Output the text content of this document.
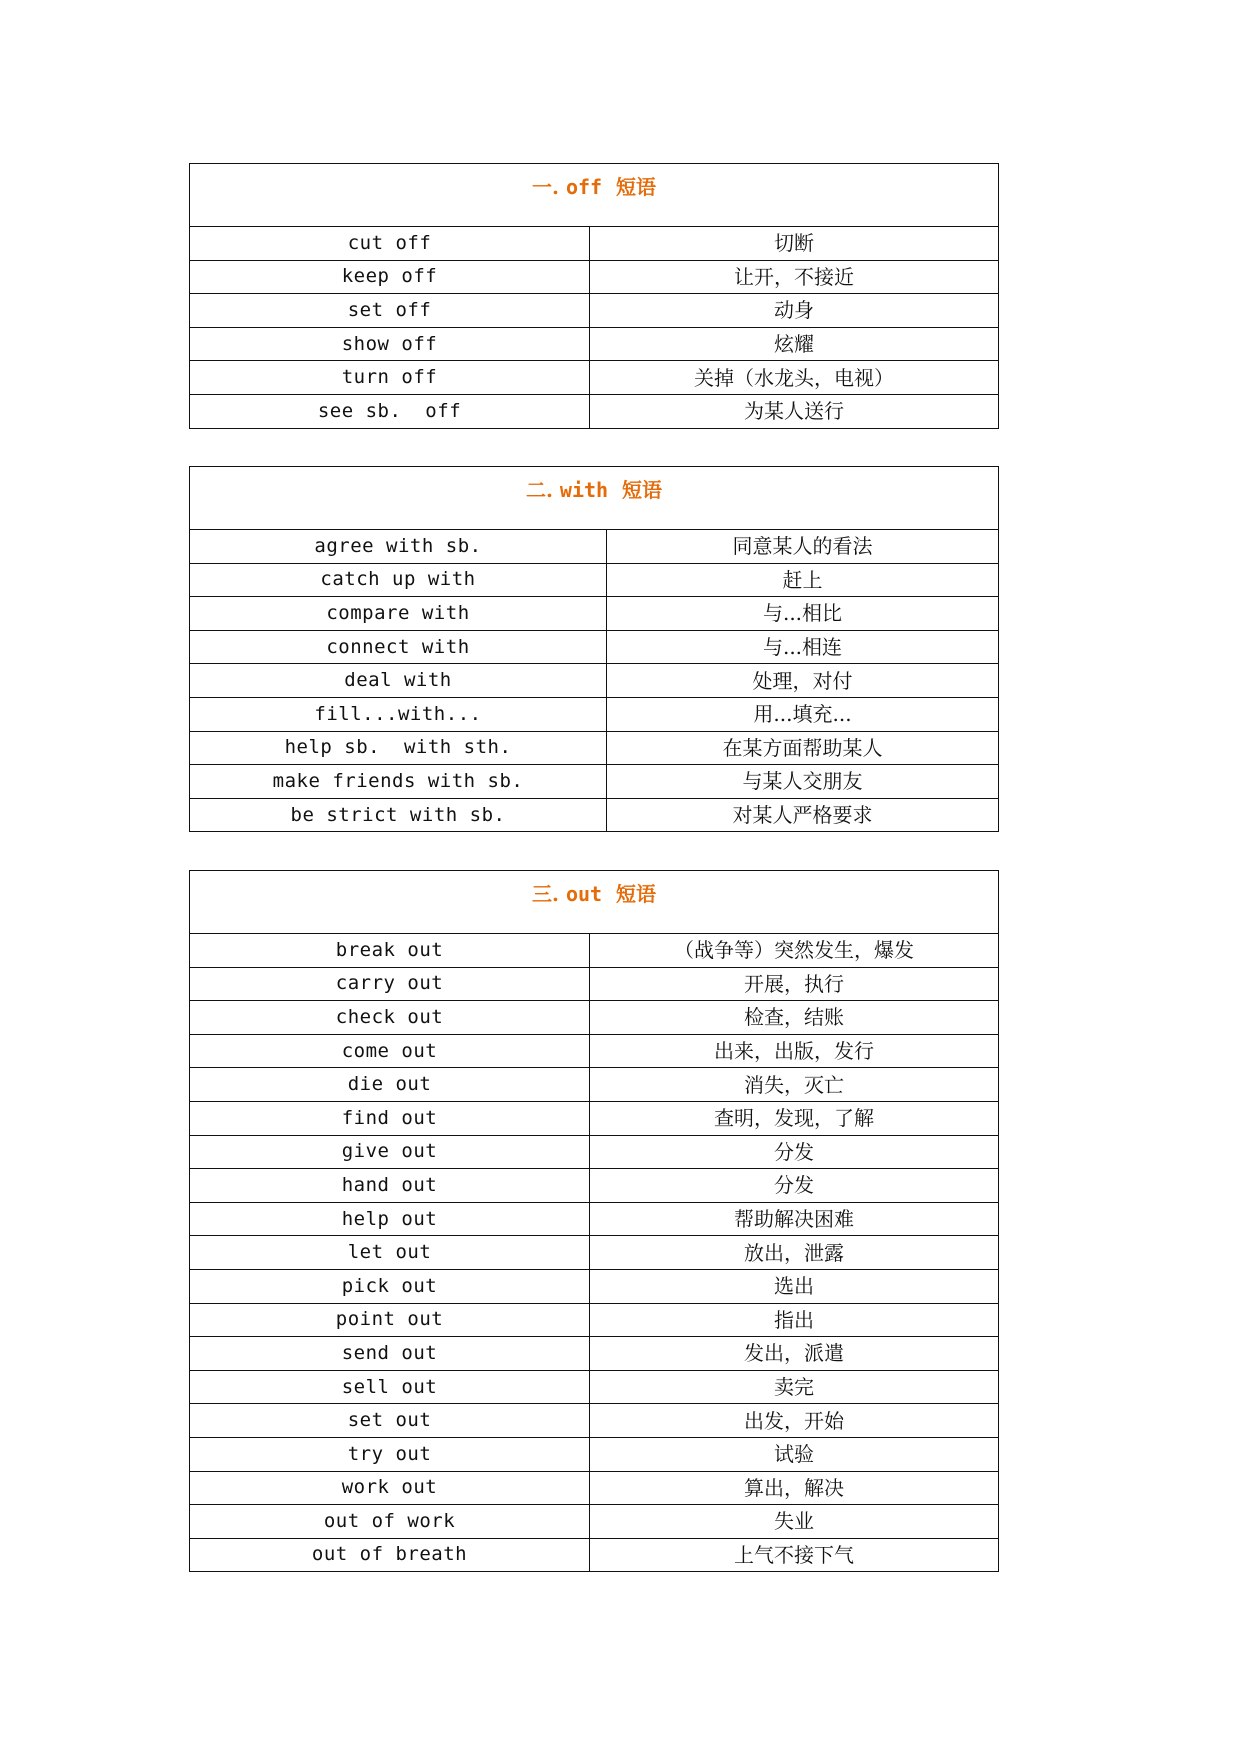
一. off 短语	

cut off	切断
keep off	让开，不接近
set off	动身
show off	炫耀
turn off	关掉（水龙头，电视）
see sb.  off	为某人送行
二. with 短语	

agree with sb.	同意某人的看法
catch up with	赶上
compare with	与...相比
connect with	与...相连
deal with	处理，对付
fill...with...	用...填充...
help sb.  with sth.	在某方面帮助某人
make friends with sb.	与某人交朋友
be strict with sb.	对某人严格要求
三. out 短语	

break out	（战争等）突然发生，爆发
carry out	开展，执行
check out	检查，结账
come out	出来，出版，发行
die out	消失，灭亡
find out	查明，发现，了解
give out	分发
hand out	分发
help out	帮助解决困难
let out	放出，泄露
pick out	选出
point out	指出
send out	发出，派遣
sell out	卖完
set out	出发，开始
try out	试验
work out	算出，解决
out of work	失业
out of breath	上气不接下气
